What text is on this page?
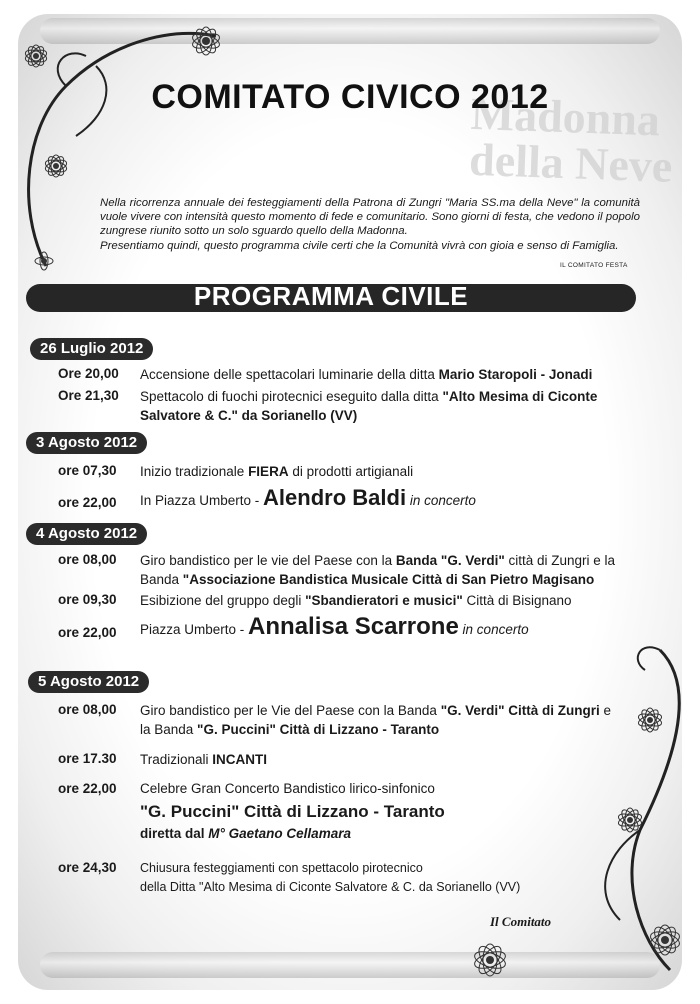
Madonna della Neve
COMITATO CIVICO 2012

Nella ricorrenza annuale dei festeggiamenti della Patrona di Zungri "Maria SS.ma della Neve" la comunità vuole vivere con intensità questo momento di fede e comunitario. Sono giorni di festa, che vedono il popolo zungrese riunito sotto un solo sguardo quello della Madonna.

Presentiamo quindi, questo programma civile certi che la Comunità vivrà con gioia e senso di Famiglia.

IL COMITATO FESTA
PROGRAMMA CIVILE
26 Luglio 2012
Ore 20,00 Accensione delle spettacolari luminarie della ditta Mario Staropoli - Jonadi
Ore 21,30 Spettacolo di fuochi pirotecnici eseguito dalla ditta "Alto Mesima di Ciconte Salvatore & C." da Sorianello (VV)
3 Agosto 2012
ore 07,30 Inizio tradizionale FIERA di prodotti artigianali
ore 22,00 In Piazza Umberto - Alendro Baldi in concerto
4 Agosto 2012
ore 08,00 Giro bandistico per le vie del Paese con la Banda "G. Verdi" città di Zungri e la Banda "Associazione Bandistica Musicale Città di San Pietro Magisano
ore 09,30 Esibizione del gruppo degli "Sbandieratori e musici" Città di Bisignano
ore 22,00 Piazza Umberto - Annalisa Scarrone in concerto
5 Agosto 2012
ore 08,00 Giro bandistico per le Vie del Paese con la Banda "G. Verdi" Città di Zungri e la Banda "G. Puccini" Città di Lizzano - Taranto
ore 17.30 Tradizionali INCANTI
ore 22,00 Celebre Gran Concerto Bandistico lirico-sinfonico
"G. Puccini" Città di Lizzano - Taranto
diretta dal M° Gaetano Cellamara
ore 24,30 Chiusura festeggiamenti con spettacolo pirotecnico
della Ditta "Alto Mesima di Ciconte Salvatore & C. da Sorianello (VV)
Il Comitato
